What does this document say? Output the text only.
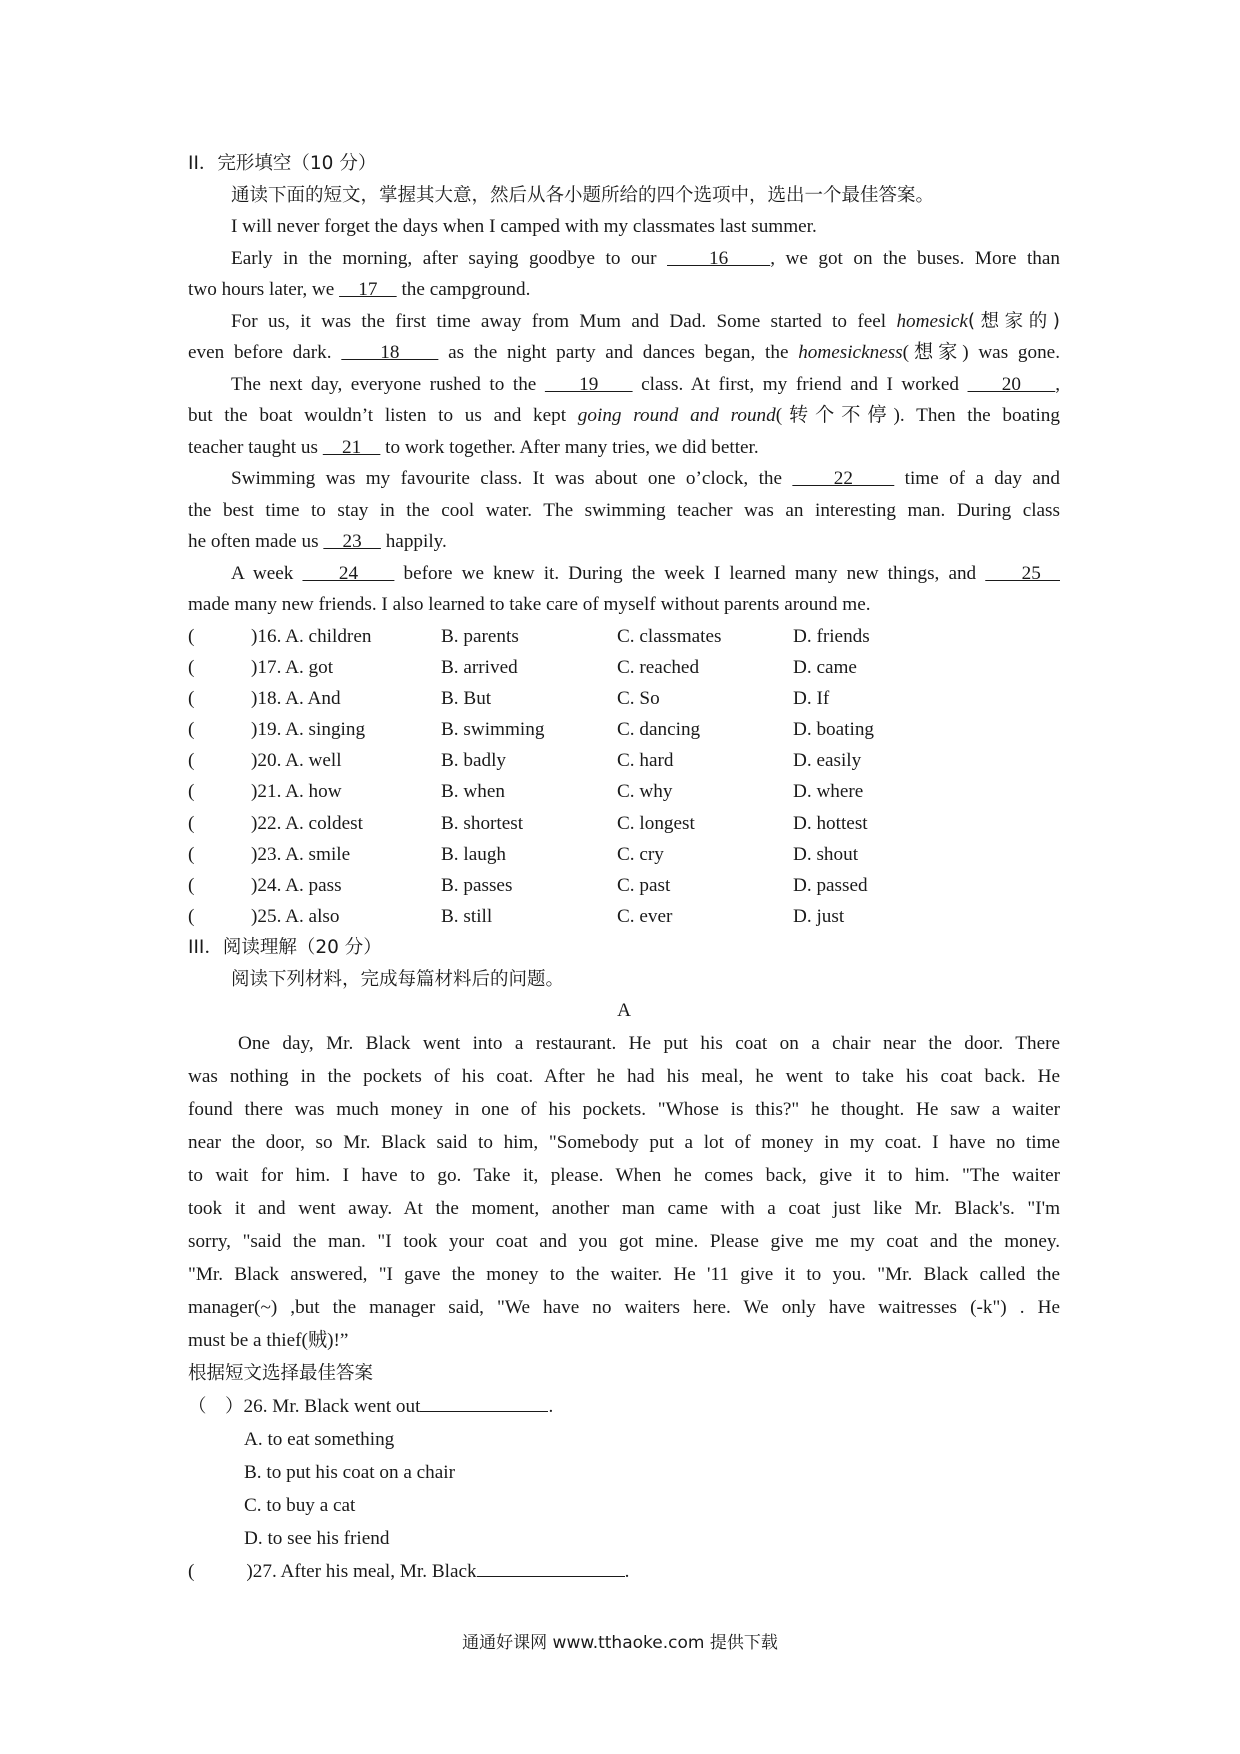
II．完形填空（10 分）
通读下面的短文，掌握其大意，然后从各小题所给的四个选项中，选出一个最佳答案。
I will never forget the days when I camped with my classmates last summer.
Early in the morning, after saying goodbye to our     16    , we got on the buses. More than
two hours later, we     17     the campground.
For us, it was the first time away from Mum and Dad. Some started to feel homesick(想家的)
even before dark.     18     as the night party and dances began, the homesickness(想家) was gone.
The next day, everyone rushed to the     19     class. At first, my friend and I worked     20    ,
but the boat wouldn’t listen to us and kept going round and round(转个不停). Then the boating
teacher taught us     21     to work together. After many tries, we did better.
Swimming was my favourite class. It was about one o’clock, the     22     time of a day and
the best time to stay in the cool water. The swimming teacher was an interesting man. During class
he often made us     23     happily.
A week     24     before we knew it. During the week I learned many new things, and     25
made many new friends. I also learned to take care of myself without parents around me.
(	)16. A. children	B. parents	C. classmates	D. friends
(	)17. A. got	B. arrived	C. reached	D. came
(	)18. A. And	B. But	C. So	D. If
(	)19. A. singing	B. swimming	C. dancing	D. boating
(	)20. A. well	B. badly	C. hard	D. easily
(	)21. A. how	B. when	C. why	D. where
(	)22. A. coldest	B. shortest	C. longest	D. hottest
(	)23. A. smile	B. laugh	C. cry	D. shout
(	)24. A. pass	B. passes	C. past	D. passed
(	)25. A. also	B. still	C. ever	D. just
III．阅读理解（20 分）
阅读下列材料，完成每篇材料后的问题。
A
One day, Mr. Black went into a restaurant. He put his coat on a chair near the door. There
was nothing in the pockets of his coat. After he had his meal, he went to take his coat back. He
found there was much money in one of his pockets. "Whose is this?" he thought. He saw a waiter
near the door, so Mr. Black said to him, "Somebody put a lot of money in my coat. I have no time
to wait for him. I have to go. Take it, please. When he comes back, give it to him. "The waiter
took it and went away. At the moment, another man came with a coat just like Mr. Black's. "I'm
sorry, "said the man. "I took your coat and you got mine. Please give me my coat and the money.
"Mr. Black answered, "I gave the money to the waiter. He '11 give it to you. "Mr. Black called the
manager(~) ,but the manager said, "We have no waiters here. We only have waitresses (-k") . He
must be a thief(贼)!”
根据短文选择最佳答案
（　）26. Mr. Black went out	.
A. to eat something
B. to put his coat on a chair
C. to buy a cat
D. to see his friend
(	)27. After his meal, Mr. Black	.
通通好课网 www.tthaoke.com 提供下载
